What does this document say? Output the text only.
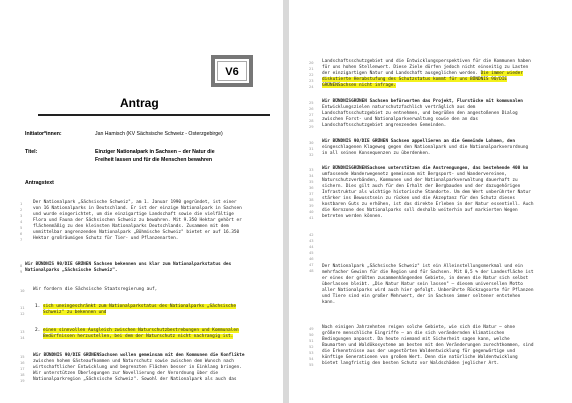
V6
Antrag
Initiator*innen:	Jan Hamisch (KV Sächsische Schweiz - Osterzgebirge)
Titel:	Einziger Nationalpark in Sachsen – der Natur die
Freiheit lassen und für die Menschen bewahren
Antragstext
1
2
3
4
5
6
7
8
9
10
11
12
13
14
15
16
17
18
19
Der Nationalpark „Sächsische Schweiz", am 1. Januar 1990 gegründet, ist einer
von 16 Nationalparks in Deutschland. Er ist der einzige Nationalpark in Sachsen
und wurde eingerichtet, um die einzigartige Landschaft sowie die vielfältige
Flora und Fauna der Sächsischen Schweiz zu bewahren. Mit 9.350 Hektar gehört er
flächenmäßig zu den kleinsten Nationalparks Deutschlands. Zusammen mit dem
unmittelbar angrenzenden Nationalpark „Böhmische Schweiz" bietet er auf 16.350
Hektar großräumigen Schutz für Tier- und Pflanzenarten.
Wir BÜNDNIS 90/DIE GRÜNEN Sachsen bekennen uns klar zum Nationalparkstatus des
Nationalparks „Sächsische Schweiz".
Wir fordern die Sächsische Staatsregierung auf,
1. sich uneingeschränkt zum Nationalparkstatus des Nationalparks „Sächsische
Schweiz" zu bekennen und
2. einen sinnvollen Ausgleich zwischen Naturschutzbestrebungen und Kommunalen
Bedürfnissen herzustellen, bei dem der Naturschutz nicht nachrangig ist.
Wir BÜNDNIS 90/DIE GRÜNENSachsen wollen gemeinsam mit den Kommunen die Konflikte
zwischen hohem Gästeaufkommen und Naturschutz sowie zwischen dem Wunsch nach
wirtschaftlicher Entwicklung und begrenzten Flächen besser in Einklang bringen.
Wir unterstützen Überlegungen zur Novellierung der Verordnung über die
Nationalparkregion „Sächsische Schweiz". Sowohl der Nationalpark als auch das
20
21
22
23
24
25
26
27
28
29
30
31
32
33
34
35
36
37
38
39
40
41
42
43
44
45
46
47
48
49
50
51
52
53
54
55
Landschaftsschutzgebiet und die Entwicklungsperspektiven für die Kommunen haben
für uns hohen Stellenwert. Diese Ziele dürfen jedoch nicht einseitig zu Lasten
der einzigartigen Natur und Landschaft ausgeglichen werden. Die immer wieder
diskutierte Herabstufung des Schutzstatus kommt für uns BÜNDNIS 90/DIE
GRÜNENSachsen nicht infrage.
Wir BÜNDNISGRÜNEN Sachsen befürworten das Projekt, Flurstücke mit kommunalen
Entwicklungszielen naturschutzfachlich verträglich aus dem
Landschaftsschutzgebiet zu entnehmen, und begrüßen den angestoßenen Dialog
zwischen Forst- und Nationalparkverwaltung sowie den an das
Landschaftsschutzgebiet angrenzenden Gemeinden.
Wir BÜNDNIS 90/DIE GRÜNEN Sachsen appellieren an die Gemeinde Lohmen, den
eingeschlagenen Klageweg gegen den Nationalpark und die Nationalparkverordnung
in all seinen Konsequenzen zu überdenken.
Wir BÜNDNISGRÜNENSachsen unterstützen die Anstrengungen, das bestehende 400 km
umfassende Wanderwegenetz gemeinsam mit Bergsport- und Wandervereinen,
Naturschutzverbänden, Kommunen und der Nationalparkverwaltung dauerhaft zu
sichern. Dies gilt auch für den Erhalt der Bergbauden und der dazugehörigen
Infrastruktur als wichtige historische Standorte. Um dem Wert unberührter Natur
stärker ins Bewusstsein zu rücken und die Akzeptanz für den Schutz dieses
kostbaren Guts zu erhöhen, ist das direkte Erleben in der Natur essentiell. Auch
die Kernzone des Nationalparks soll deshalb weiterhin auf markierten Wegen
betreten werden können.
Der Nationalpark „Sächsische Schweiz" ist ein Alleinstellungsmerkmal und ein
mehrfacher Gewinn für die Region und für Sachsen. Mit 0,5 % der Landesfläche ist
er eines der größten zusammenhängenden Gebiete, in denen die Natur sich selbst
überlassen bleibt. „Die Natur Natur sein lassen" – diesem universellen Motto
aller Nationalparks wird auch hier gefolgt. Unberührte Rückzugsorte für Pflanzen
und Tiere sind ein großer Mehrwert, der in Sachsen immer seltener entstehen
kann.
Nach einigen Jahrzehnten reigen solche Gebiete, wie sich die Natur – ohne
größere menschliche Eingriffe – an die sich verändernden klimatischen
Bedingungen anpasst. Da heute niemand mit Sicherheit sagen kann, welche
Baumarten und Waldökosysteme am besten mit den Veränderungen zurechtkommen, sind
die Erkenntnisse aus der ungestörten Waldentwicklung für gegenwärtige und
künftige Generationen von großem Wert. Denn die natürliche Waldentwicklung
bietet langfristig den besten Schutz vor Waldschäden jeglicher Art.
